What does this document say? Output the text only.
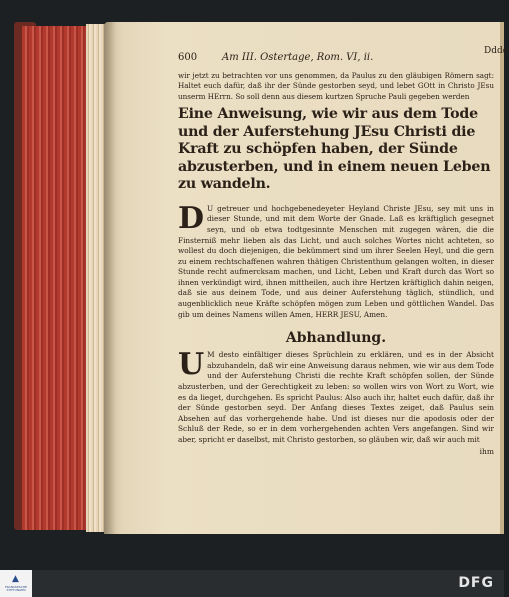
600 Am III. Ostertage, Rom. VI, ii.
Dddd
wir jetzt zu betrachten vor uns genommen, da Paulus zu den gläubigen Römern sagt: Haltet euch dafür, daß ihr der Sünde gestorben seyd, und lebet GOtt in Christo JEsu unserm HErrn. So soll denn aus diesem kurtzen Spruche Pauli gegeben werden
Eine Anweisung, wie wir aus dem Tode und der Auferstehung JEsu Christi die Kraft zu schöpfen haben, der Sünde abzusterben, und in einem neuen Leben zu wandeln.
D U getreuer und hochgebenedeyeter Heyland Christe JEsu, sey mit uns in dieser Stunde, und mit dem Worte der Gnade. Laß es kräftiglich gesegnet seyn, und ob etwa todtgesinnte Menschen mit zugegen wären, die die Finsterniß mehr lieben als das Licht, und auch solches Wortes nicht achteten, so wollest du doch diejenigen, die bekümmert sind um ihrer Seelen Heyl, und die gern zu einem rechtschaffenen wahren thätigen Christenthum gelangen wolten, in dieser Stunde recht aufmercksam machen, und Licht, Leben und Kraft durch das Wort so ihnen verkündigt wird, ihnen mittheilen, auch ihre Hertzen kräftiglich dahin neigen, daß sie aus deinem Tode, und aus deiner Auferstehung täglich, stündlich, und augenblicklich neue Kräfte schöpfen mögen zum Leben und göttlichen Wandel. Das gib um deines Namens willen Amen, HERR JESU, Amen.
Abhandlung.
U M desto einfältiger dieses Sprüchlein zu erklären, und es in der Absicht abzuhandeln, daß wir eine Anweisung daraus nehmen, wie wir aus dem Tode und der Auferstehung Christi die rechte Kraft schöpfen sollen, der Sünde abzusterben, und der Gerechtigkeit zu leben: so wollen wirs von Wort zu Wort, wie es da lieget, durchgehen. Es spricht Paulus: Also auch ihr, haltet euch dafür, daß ihr der Sünde gestorben seyd. Der Anfang dieses Textes zeiget, daß Paulus sein Absehen auf das vorhergehende habe. Und ist dieses nur die apodosis oder der Schluß der Rede, so er in dem vorhergehenden achten Vers angefangen. Sind wir aber, spricht er daselbst, mit Christo gestorben, so gläuben wir, daß wir auch mit
ihm
▲
FRANCKESCHE STIFTUNGEN	DFG
